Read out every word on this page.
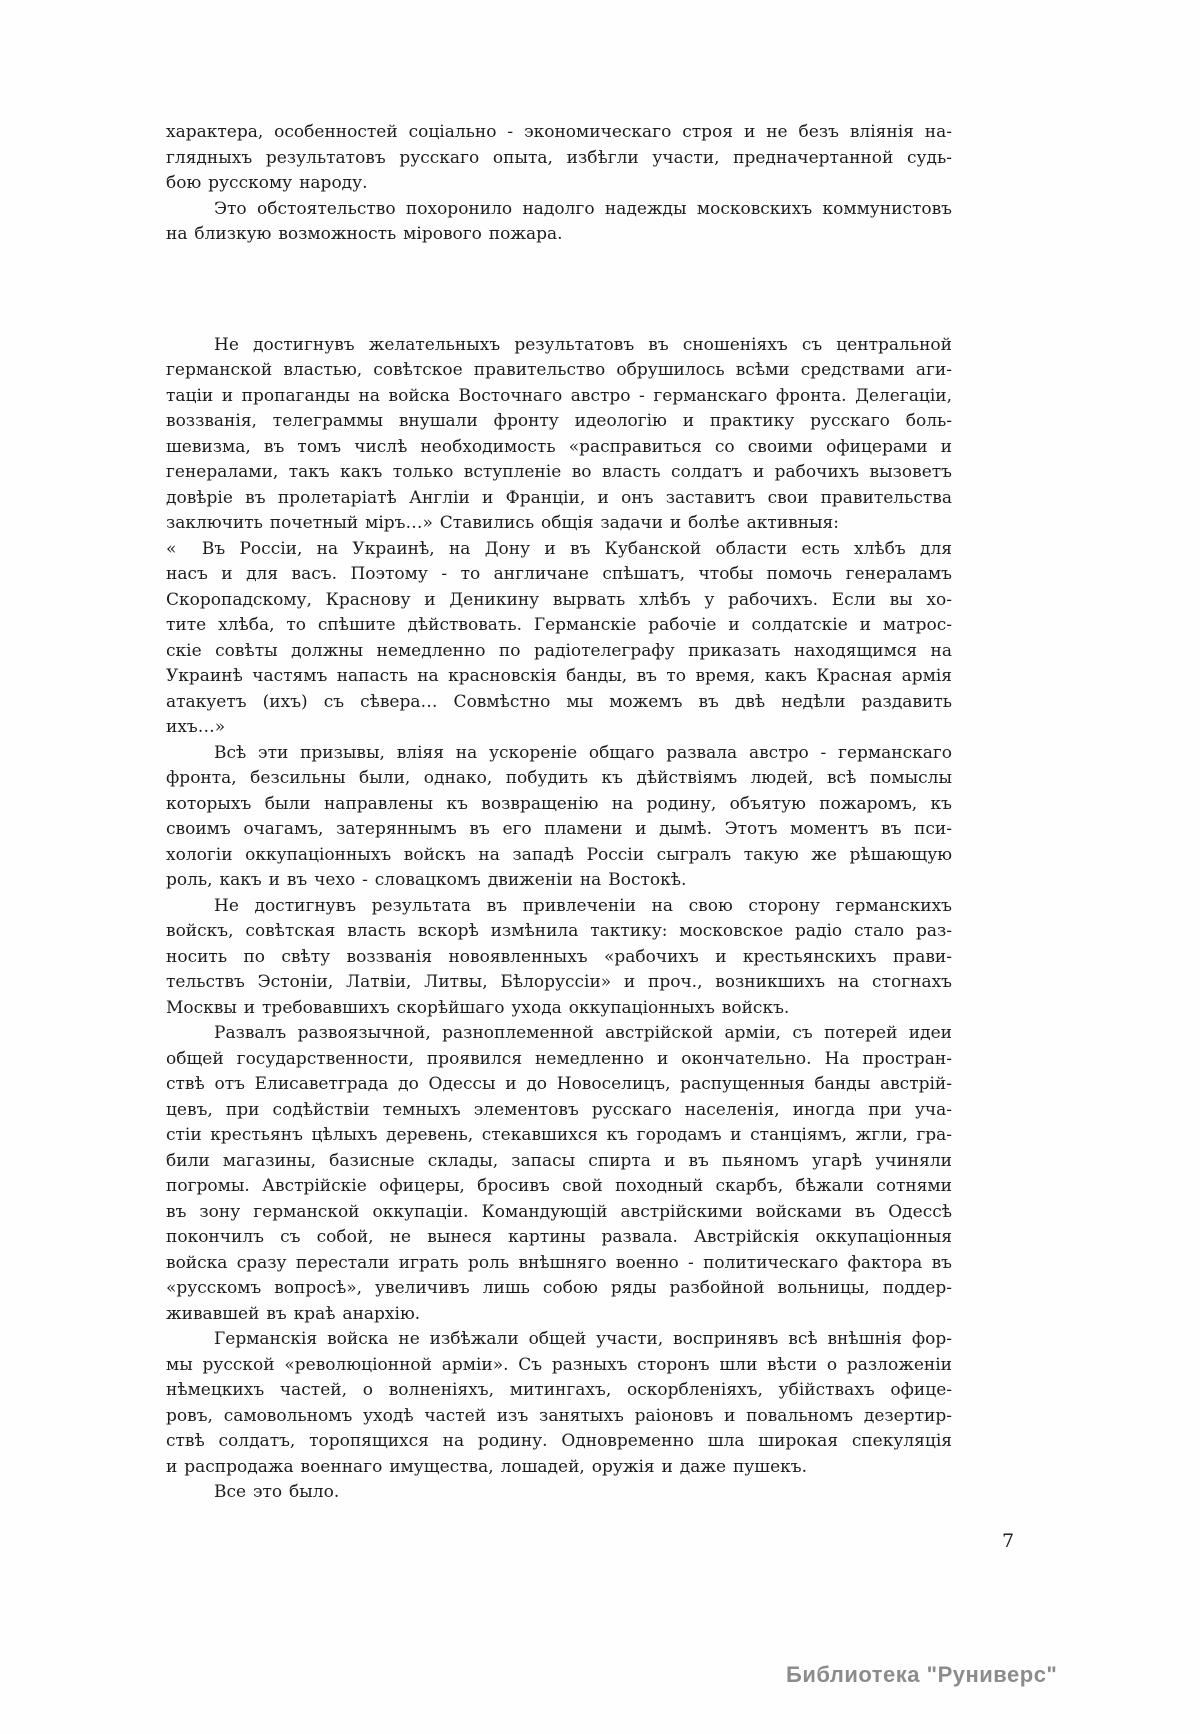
характера, особенностей соціально - экономическаго строя и не безъ вліянія на-
глядныхъ результатовъ русскаго опыта, избѣгли участи, предначертанной судь-
бою русскому народу.
Это обстоятельство похоронило надолго надежды московскихъ коммунистовъ
на близкую возможность мірового пожара.
Не достигнувъ желательныхъ результатовъ въ сношеніяхъ съ центральной
германской властью, совѣтское правительство обрушилось всѣми средствами аги-
таціи и пропаганды на войска Восточнаго австро - германскаго фронта. Делегаціи,
воззванія, телеграммы внушали фронту идеологію и практику русскаго боль-
шевизма, въ томъ числѣ необходимость «расправиться со своими офицерами и
генералами, такъ какъ только вступленіе во власть солдатъ и рабочихъ вызоветъ
довѣріе въ пролетаріатѣ Англіи и Франціи, и онъ заставитъ свои правительства
заключить почетный міръ…» Ставились общія задачи и болѣе активныя:
«  Въ Россіи, на Украинѣ, на Дону и въ Кубанской области есть хлѣбъ для
насъ и для васъ. Поэтому - то англичане спѣшатъ, чтобы помочь генераламъ
Скоропадскому, Краснову и Деникину вырвать хлѣбъ у рабочихъ. Если вы хо-
тите хлѣба, то спѣшите дѣйствовать. Германскіе рабочіе и солдатскіе и матрос-
скіе совѣты должны немедленно по радіотелеграфу приказать находящимся на
Украинѣ частямъ напасть на красновскія банды, въ то время, какъ Красная армія
атакуетъ (ихъ) съ сѣвера… Совмѣстно мы можемъ въ двѣ недѣли раздавить
ихъ…»
Всѣ эти призывы, вліяя на ускореніе общаго развала австро - германскаго
фронта, безсильны были, однако, побудить къ дѣйствіямъ людей, всѣ помыслы
которыхъ были направлены къ возвращенію на родину, объятую пожаромъ, къ
своимъ очагамъ, затеряннымъ въ его пламени и дымѣ. Этотъ моментъ въ пси-
хологіи оккупаціонныхъ войскъ на западѣ Россіи сыгралъ такую же рѣшающую
роль, какъ и въ чехо - словацкомъ движеніи на Востокѣ.
Не достигнувъ результата въ привлеченіи на свою сторону германскихъ
войскъ, совѣтская власть вскорѣ измѣнила тактику: московское радіо стало раз-
носить по свѣту воззванія новоявленныхъ «рабочихъ и крестьянскихъ прави-
тельствъ Эстоніи, Латвіи, Литвы, Бѣлоруссіи» и проч., возникшихъ на стогнахъ
Москвы и требовавшихъ скорѣйшаго ухода оккупаціонныхъ войскъ.
Развалъ развоязычной, разноплеменной австрійской арміи, съ потерей идеи
общей государственности, проявился немедленно и окончательно. На простран-
ствѣ отъ Елисаветграда до Одессы и до Новоселицъ, распущенныя банды австрій-
цевъ, при содѣйствіи темныхъ элементовъ русскаго населенія, иногда при уча-
стіи крестьянъ цѣлыхъ деревень, стекавшихся къ городамъ и станціямъ, жгли, гра-
били магазины, базисные склады, запасы спирта и въ пьяномъ угарѣ учиняли
погромы. Австрійскіе офицеры, бросивъ свой походный скарбъ, бѣжали сотнями
въ зону германской оккупаціи. Командующій австрійскими войсками въ Одессѣ
покончилъ съ собой, не вынеся картины развала. Австрійскія оккупаціонныя
войска сразу перестали играть роль внѣшняго военно - политическаго фактора въ
«русскомъ вопросѣ», увеличивъ лишь собою ряды разбойной вольницы, поддер-
живавшей въ краѣ анархію.
Германскія войска не избѣжали общей участи, воспринявъ всѣ внѣшнія фор-
мы русской «революціонной арміи». Съ разныхъ сторонъ шли вѣсти о разложеніи
нѣмецкихъ частей, о волненіяхъ, митингахъ, оскорбленіяхъ, убійствахъ офице-
ровъ, самовольномъ уходѣ частей изъ занятыхъ раіоновъ и повальномъ дезертир-
ствѣ солдатъ, торопящихся на родину. Одновременно шла широкая спекуляція
и распродажа военнаго имущества, лошадей, оружія и даже пушекъ.
Все это было.
7
Библиотека "Руниверс"
